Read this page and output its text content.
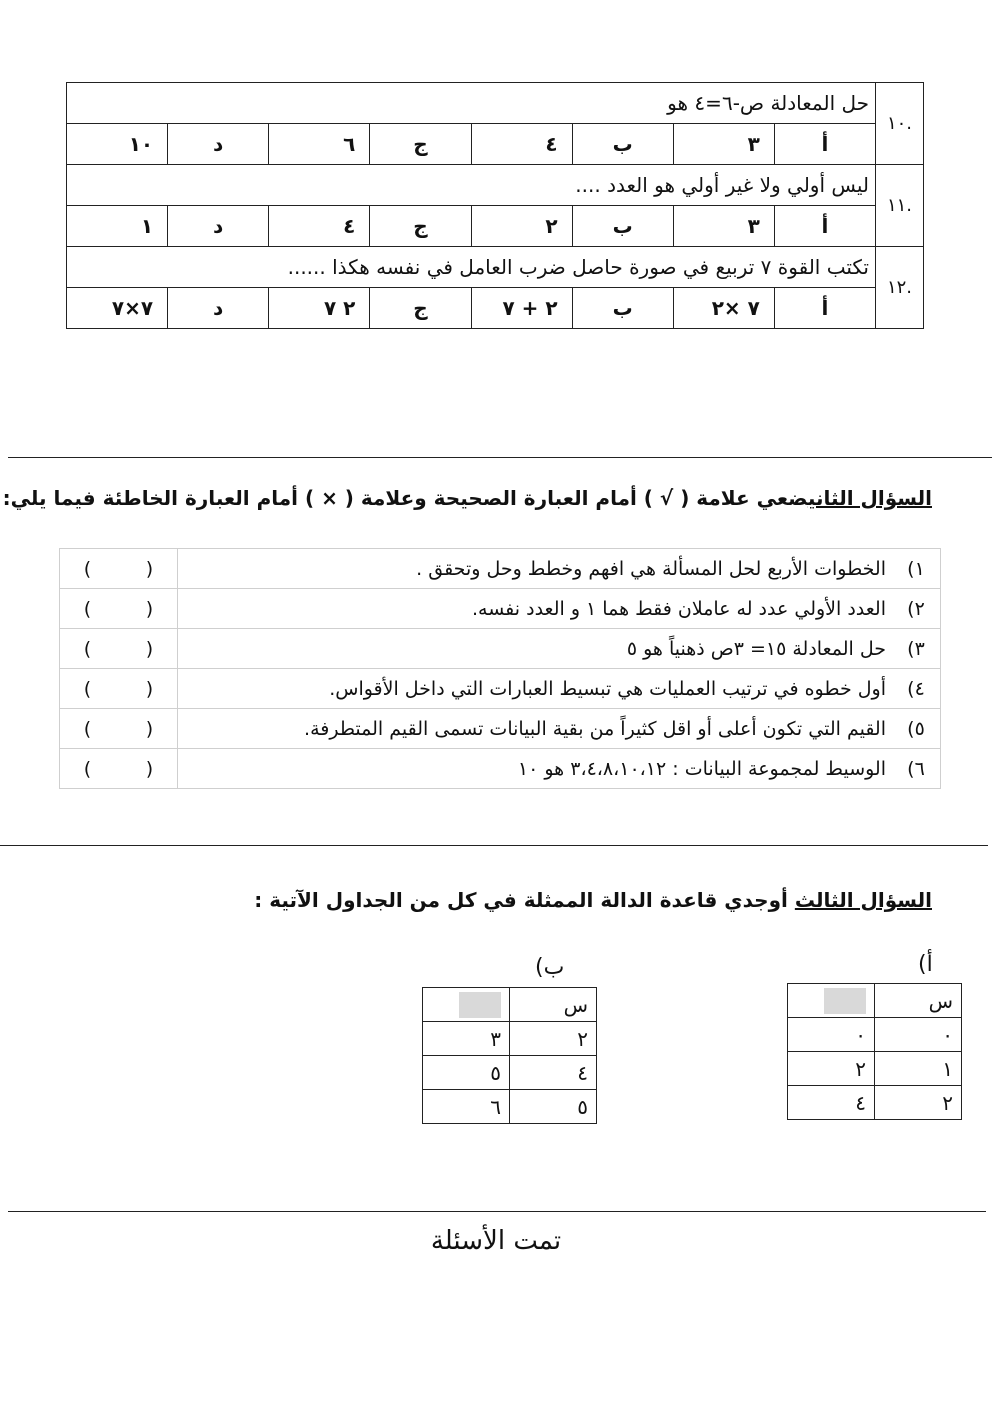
.١٠	حل المعادلة ص-٦=٤ هو							
	أ	٣	ب	٤	ج	٦	د	١٠
.١١	ليس أولي ولا غير أولي هو العدد ....							
	أ	٣	ب	٢	ج	٤	د	١
.١٢	تكتب القوة ٧ تربيع في صورة حاصل ضرب العامل في نفسه هكذا ......							
	أ	٧ ×٢	ب	٢ + ٧	ج	٢ ٧	د	٧×٧
السؤال الثانيضعي علامة ( √ ) أمام العبارة الصحيحة وعلامة ( × ) أمام العبارة الخاطئة فيما يلي:
١)	الخطوات الأربع لحل المسألة هي افهم وخطط وحل وتحقق .	()
٢)	العدد الأولي عدد له عاملان فقط هما ١ و العدد نفسه.	()
٣)	حل المعادلة ١٥= ٣ص ذهنياً هو ٥	()
٤)	أول خطوه في ترتيب العمليات هي تبسيط العبارات التي داخل الأقواس.	()
٥)	القيم التي تكون أعلى أو اقل كثيراً من بقية البيانات تسمى القيم المتطرفة.	()
٦)	الوسيط لمجموعة البيانات : ٣،٤،٨،١٠،١٢ هو ١٠	()
السؤال الثالث أوجدي قاعدة الدالة الممثلة في كل من الجداول الآتية :
أ)
س	
٠	٠
١	٢
٢	٤
ب)
س	
٢	٣
٤	٥
٥	٦
تمت الأسئلة
